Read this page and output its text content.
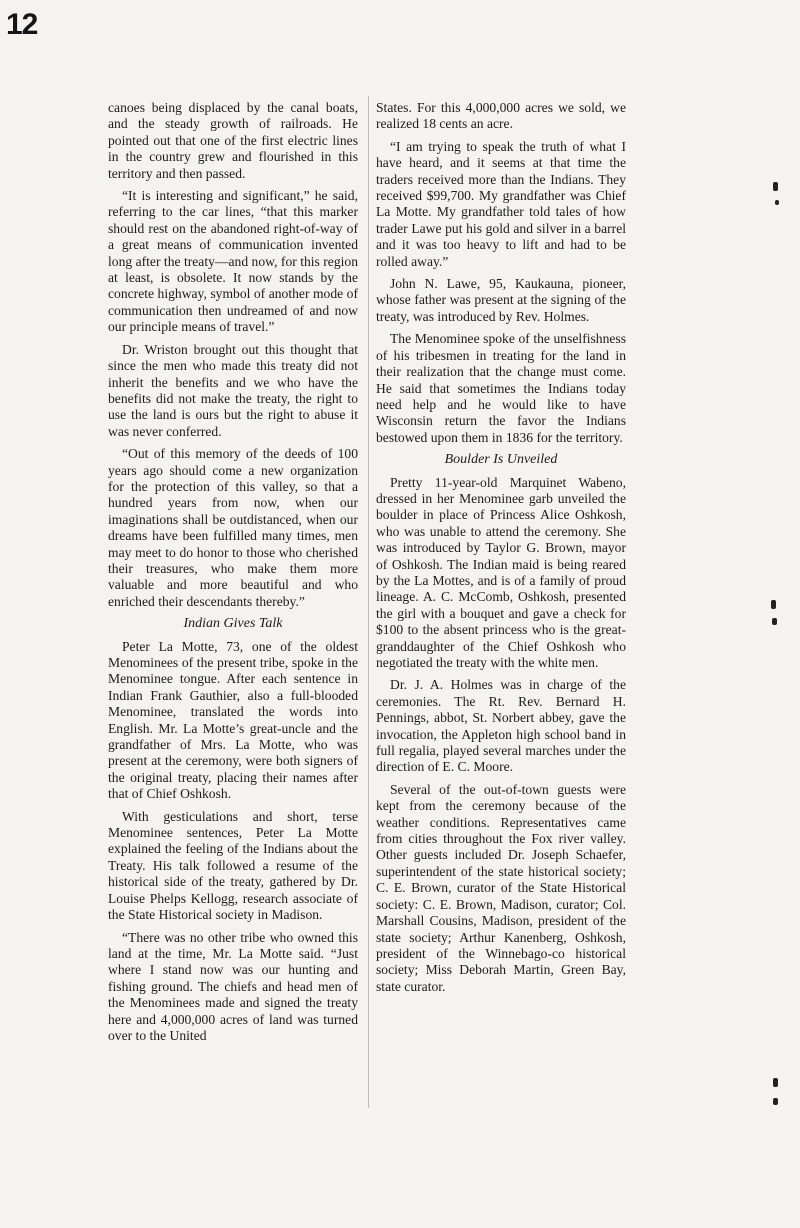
12

canoes being displaced by the canal boats, and the steady growth of railroads. He pointed out that one of the first electric lines in the country grew and flourished in this territory and then passed.

“It is interesting and significant,” he said, referring to the car lines, “that this marker should rest on the abandoned right-of-way of a great means of communication invented long after the treaty—and now, for this region at least, is obsolete. It now stands by the concrete highway, symbol of another mode of communication then undreamed of and now our principle means of travel.”

Dr. Wriston brought out this thought that since the men who made this treaty did not inherit the benefits and we who have the benefits did not make the treaty, the right to use the land is ours but the right to abuse it was never conferred.

“Out of this memory of the deeds of 100 years ago should come a new organization for the protection of this valley, so that a hundred years from now, when our imaginations shall be outdistanced, when our dreams have been fulfilled many times, men may meet to do honor to those who cherished their treasures, who make them more valuable and more beautiful and who enriched their descendants thereby.”

Indian Gives Talk

Peter La Motte, 73, one of the oldest Menominees of the present tribe, spoke in the Menominee tongue. After each sentence in Indian Frank Gauthier, also a full-blooded Menominee, translated the words into English. Mr. La Motte’s great-uncle and the grandfather of Mrs. La Motte, who was present at the ceremony, were both signers of the original treaty, placing their names after that of Chief Oshkosh.

With gesticulations and short, terse Menominee sentences, Peter La Motte explained the feeling of the Indians about the Treaty. His talk followed a resume of the historical side of the treaty, gathered by Dr. Louise Phelps Kellogg, research associate of the State Historical society in Madison.

“There was no other tribe who owned this land at the time, Mr. La Motte said. “Just where I stand now was our hunting and fishing ground. The chiefs and head men of the Menominees made and signed the treaty here and 4,000,000 acres of land was turned over to the United

States. For this 4,000,000 acres we sold, we realized 18 cents an acre.

“I am trying to speak the truth of what I have heard, and it seems at that time the traders received more than the Indians. They received $99,700. My grandfather was Chief La Motte. My grandfather told tales of how trader Lawe put his gold and silver in a barrel and it was too heavy to lift and had to be rolled away.”

John N. Lawe, 95, Kaukauna, pioneer, whose father was present at the signing of the treaty, was introduced by Rev. Holmes.

The Menominee spoke of the unselfishness of his tribesmen in treating for the land in their realization that the change must come. He said that sometimes the Indians today need help and he would like to have Wisconsin return the favor the Indians bestowed upon them in 1836 for the territory.

Boulder Is Unveiled

Pretty 11-year-old Marquinet Wabeno, dressed in her Menominee garb unveiled the boulder in place of Princess Alice Oshkosh, who was unable to attend the ceremony. She was introduced by Taylor G. Brown, mayor of Oshkosh. The Indian maid is being reared by the La Mottes, and is of a family of proud lineage. A. C. McComb, Oshkosh, presented the girl with a bouquet and gave a check for $100 to the absent princess who is the great-granddaughter of the Chief Oshkosh who negotiated the treaty with the white men.

Dr. J. A. Holmes was in charge of the ceremonies. The Rt. Rev. Bernard H. Pennings, abbot, St. Norbert abbey, gave the invocation, the Appleton high school band in full regalia, played several marches under the direction of E. C. Moore.

Several of the out-of-town guests were kept from the ceremony because of the weather conditions. Representatives came from cities throughout the Fox river valley. Other guests included Dr. Joseph Schaefer, superintendent of the state historical society; C. E. Brown, curator of the State Historical society: C. E. Brown, Madison, curator; Col. Marshall Cousins, Madison, president of the state society; Arthur Kanenberg, Oshkosh, president of the Winnebago-co historical society; Miss Deborah Martin, Green Bay, state curator.
